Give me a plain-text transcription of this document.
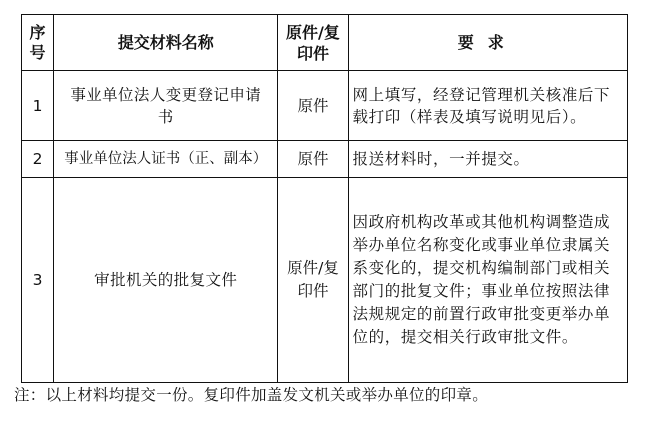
序号	提交材料名称	原件/复印件	要求
1	事业单位法人变更登记申请书	原件	网上填写，经登记管理机关核准后下载打印（样表及填写说明见后）。
2	事业单位法人证书（正、副本）	原件	报送材料时，一并提交。
3	审批机关的批复文件	原件/复印件	因政府机构改革或其他机构调整造成举办单位名称变化或事业单位隶属关系变化的，提交机构编制部门或相关部门的批复文件；事业单位按照法律法规规定的前置行政审批变更举办单位的，提交相关行政审批文件。
注：以上材料均提交一份。复印件加盖发文机关或举办单位的印章。
